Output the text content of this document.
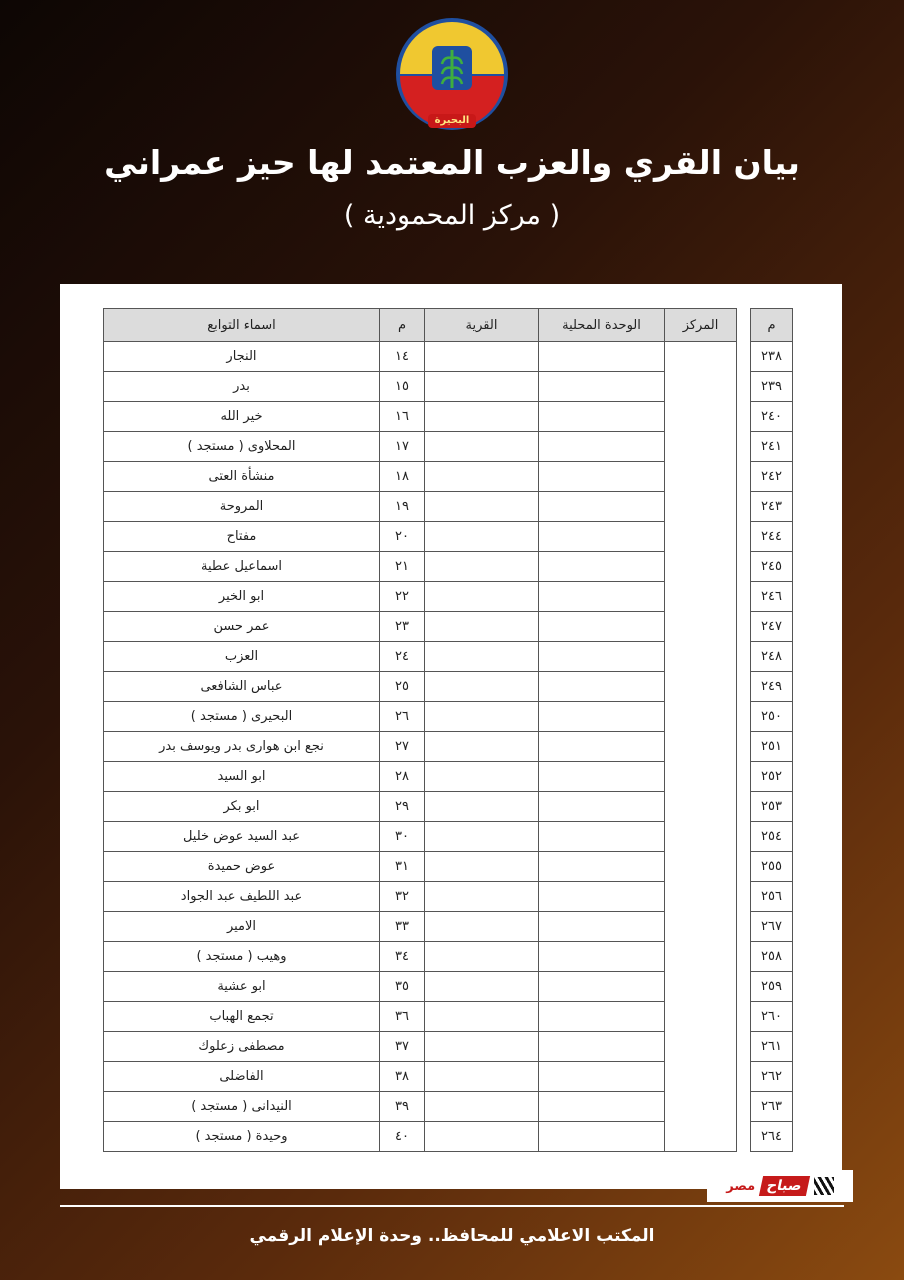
البحيرة
بيان القري والعزب المعتمد لها حيز عمراني
( مركز المحمودية )
م		المركز	الوحدة المحلية	القرية	م	اسماء التوابع
٢٣٨					١٤	النجار
٢٣٩					١٥	بدر
٢٤٠					١٦	خير الله
٢٤١					١٧	المحلاوى ( مستجد )
٢٤٢					١٨	منشأة العتى
٢٤٣					١٩	المروحة
٢٤٤					٢٠	مفتاح
٢٤٥					٢١	اسماعيل عطية
٢٤٦					٢٢	ابو الخير
٢٤٧					٢٣	عمر حسن
٢٤٨					٢٤	العزب
٢٤٩					٢٥	عباس الشافعى
٢٥٠					٢٦	البحيرى ( مستجد )
٢٥١					٢٧	نجع ابن هوارى بدر ويوسف بدر
٢٥٢					٢٨	ابو السيد
٢٥٣					٢٩	ابو بكر
٢٥٤					٣٠	عبد السيد عوض خليل
٢٥٥					٣١	عوض حميدة
٢٥٦					٣٢	عبد اللطيف عبد الجواد
٢٦٧					٣٣	الامير
٢٥٨					٣٤	وهيب ( مستجد )
٢٥٩					٣٥	ابو عشية
٢٦٠					٣٦	تجمع الهباب
٢٦١					٣٧	مصطفى زعلوك
٢٦٢					٣٨	الفاضلى
٢٦٣					٣٩	النيدانى ( مستجد )
٢٦٤					٤٠	وحيدة ( مستجد )
صباح
مصر
المكتب الاعلامي للمحافظ.. وحدة الإعلام الرقمي
